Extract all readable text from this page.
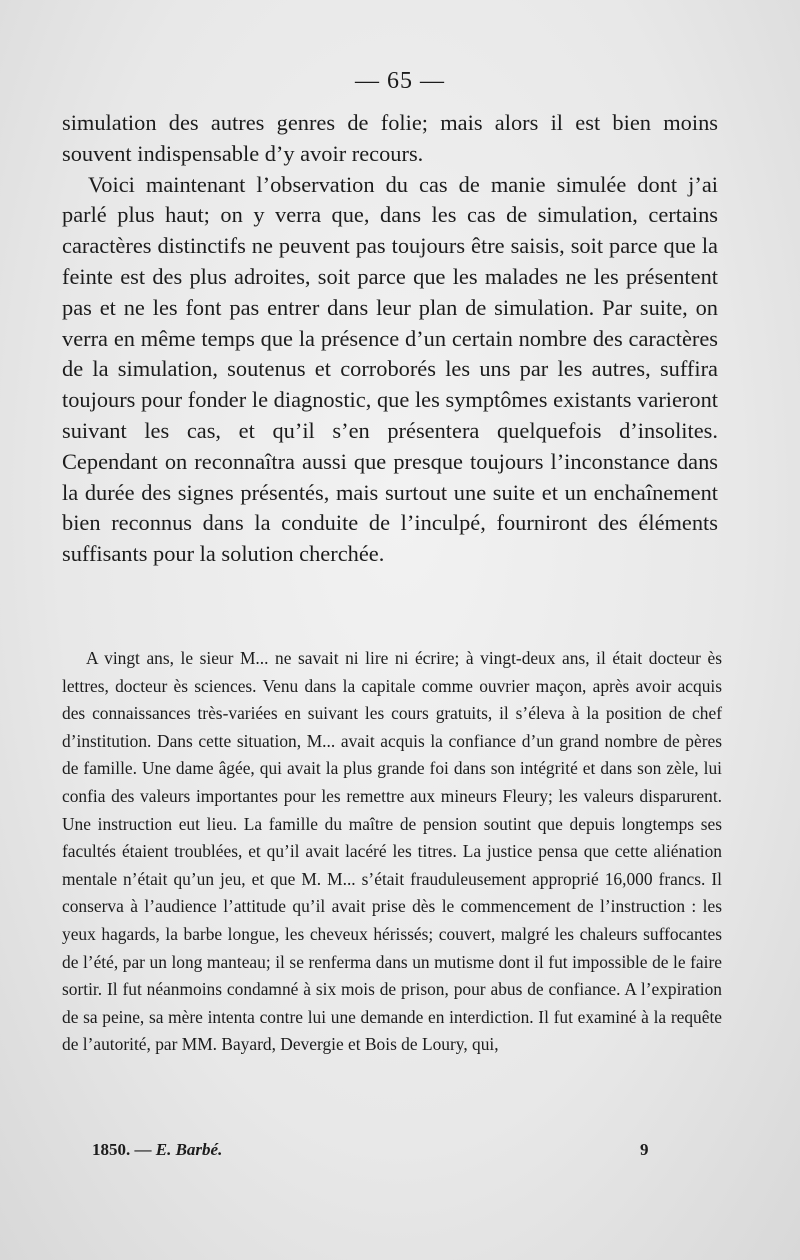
— 65 —

simulation des autres genres de folie; mais alors il est bien moins souvent indispensable d’y avoir recours.

Voici maintenant l’observation du cas de manie simulée dont j’ai parlé plus haut; on y verra que, dans les cas de simulation, certains caractères distinctifs ne peuvent pas toujours être saisis, soit parce que la feinte est des plus adroites, soit parce que les malades ne les présentent pas et ne les font pas entrer dans leur plan de simulation. Par suite, on verra en même temps que la présence d’un certain nombre des caractères de la simulation, soutenus et corroborés les uns par les autres, suffira toujours pour fonder le diagnostic, que les symptômes existants varieront suivant les cas, et qu’il s’en présentera quelquefois d’insolites. Cependant on reconnaîtra aussi que presque toujours l’inconstance dans la durée des signes présentés, mais surtout une suite et un enchaînement bien reconnus dans la conduite de l’inculpé, fourniront des éléments suffisants pour la solution cherchée.

A vingt ans, le sieur M... ne savait ni lire ni écrire; à vingt-deux ans, il était docteur ès lettres, docteur ès sciences. Venu dans la capitale comme ouvrier maçon, après avoir acquis des connaissances très-variées en suivant les cours gratuits, il s’éleva à la position de chef d’institution. Dans cette situation, M... avait acquis la confiance d’un grand nombre de pères de famille. Une dame âgée, qui avait la plus grande foi dans son intégrité et dans son zèle, lui confia des valeurs importantes pour les remettre aux mineurs Fleury; les valeurs disparurent. Une instruction eut lieu. La famille du maître de pension soutint que depuis longtemps ses facultés étaient troublées, et qu’il avait lacéré les titres. La justice pensa que cette aliénation mentale n’était qu’un jeu, et que M. M... s’était frauduleusement approprié 16,000 francs. Il conserva à l’audience l’attitude qu’il avait prise dès le commencement de l’instruction : les yeux hagards, la barbe longue, les cheveux hérissés; couvert, malgré les chaleurs suffocantes de l’été, par un long manteau; il se renferma dans un mutisme dont il fut impossible de le faire sortir. Il fut néanmoins condamné à six mois de prison, pour abus de confiance. A l’expiration de sa peine, sa mère intenta contre lui une demande en interdiction. Il fut examiné à la requête de l’autorité, par MM. Bayard, Devergie et Bois de Loury, qui,

1850. — E. Barbé.	9
